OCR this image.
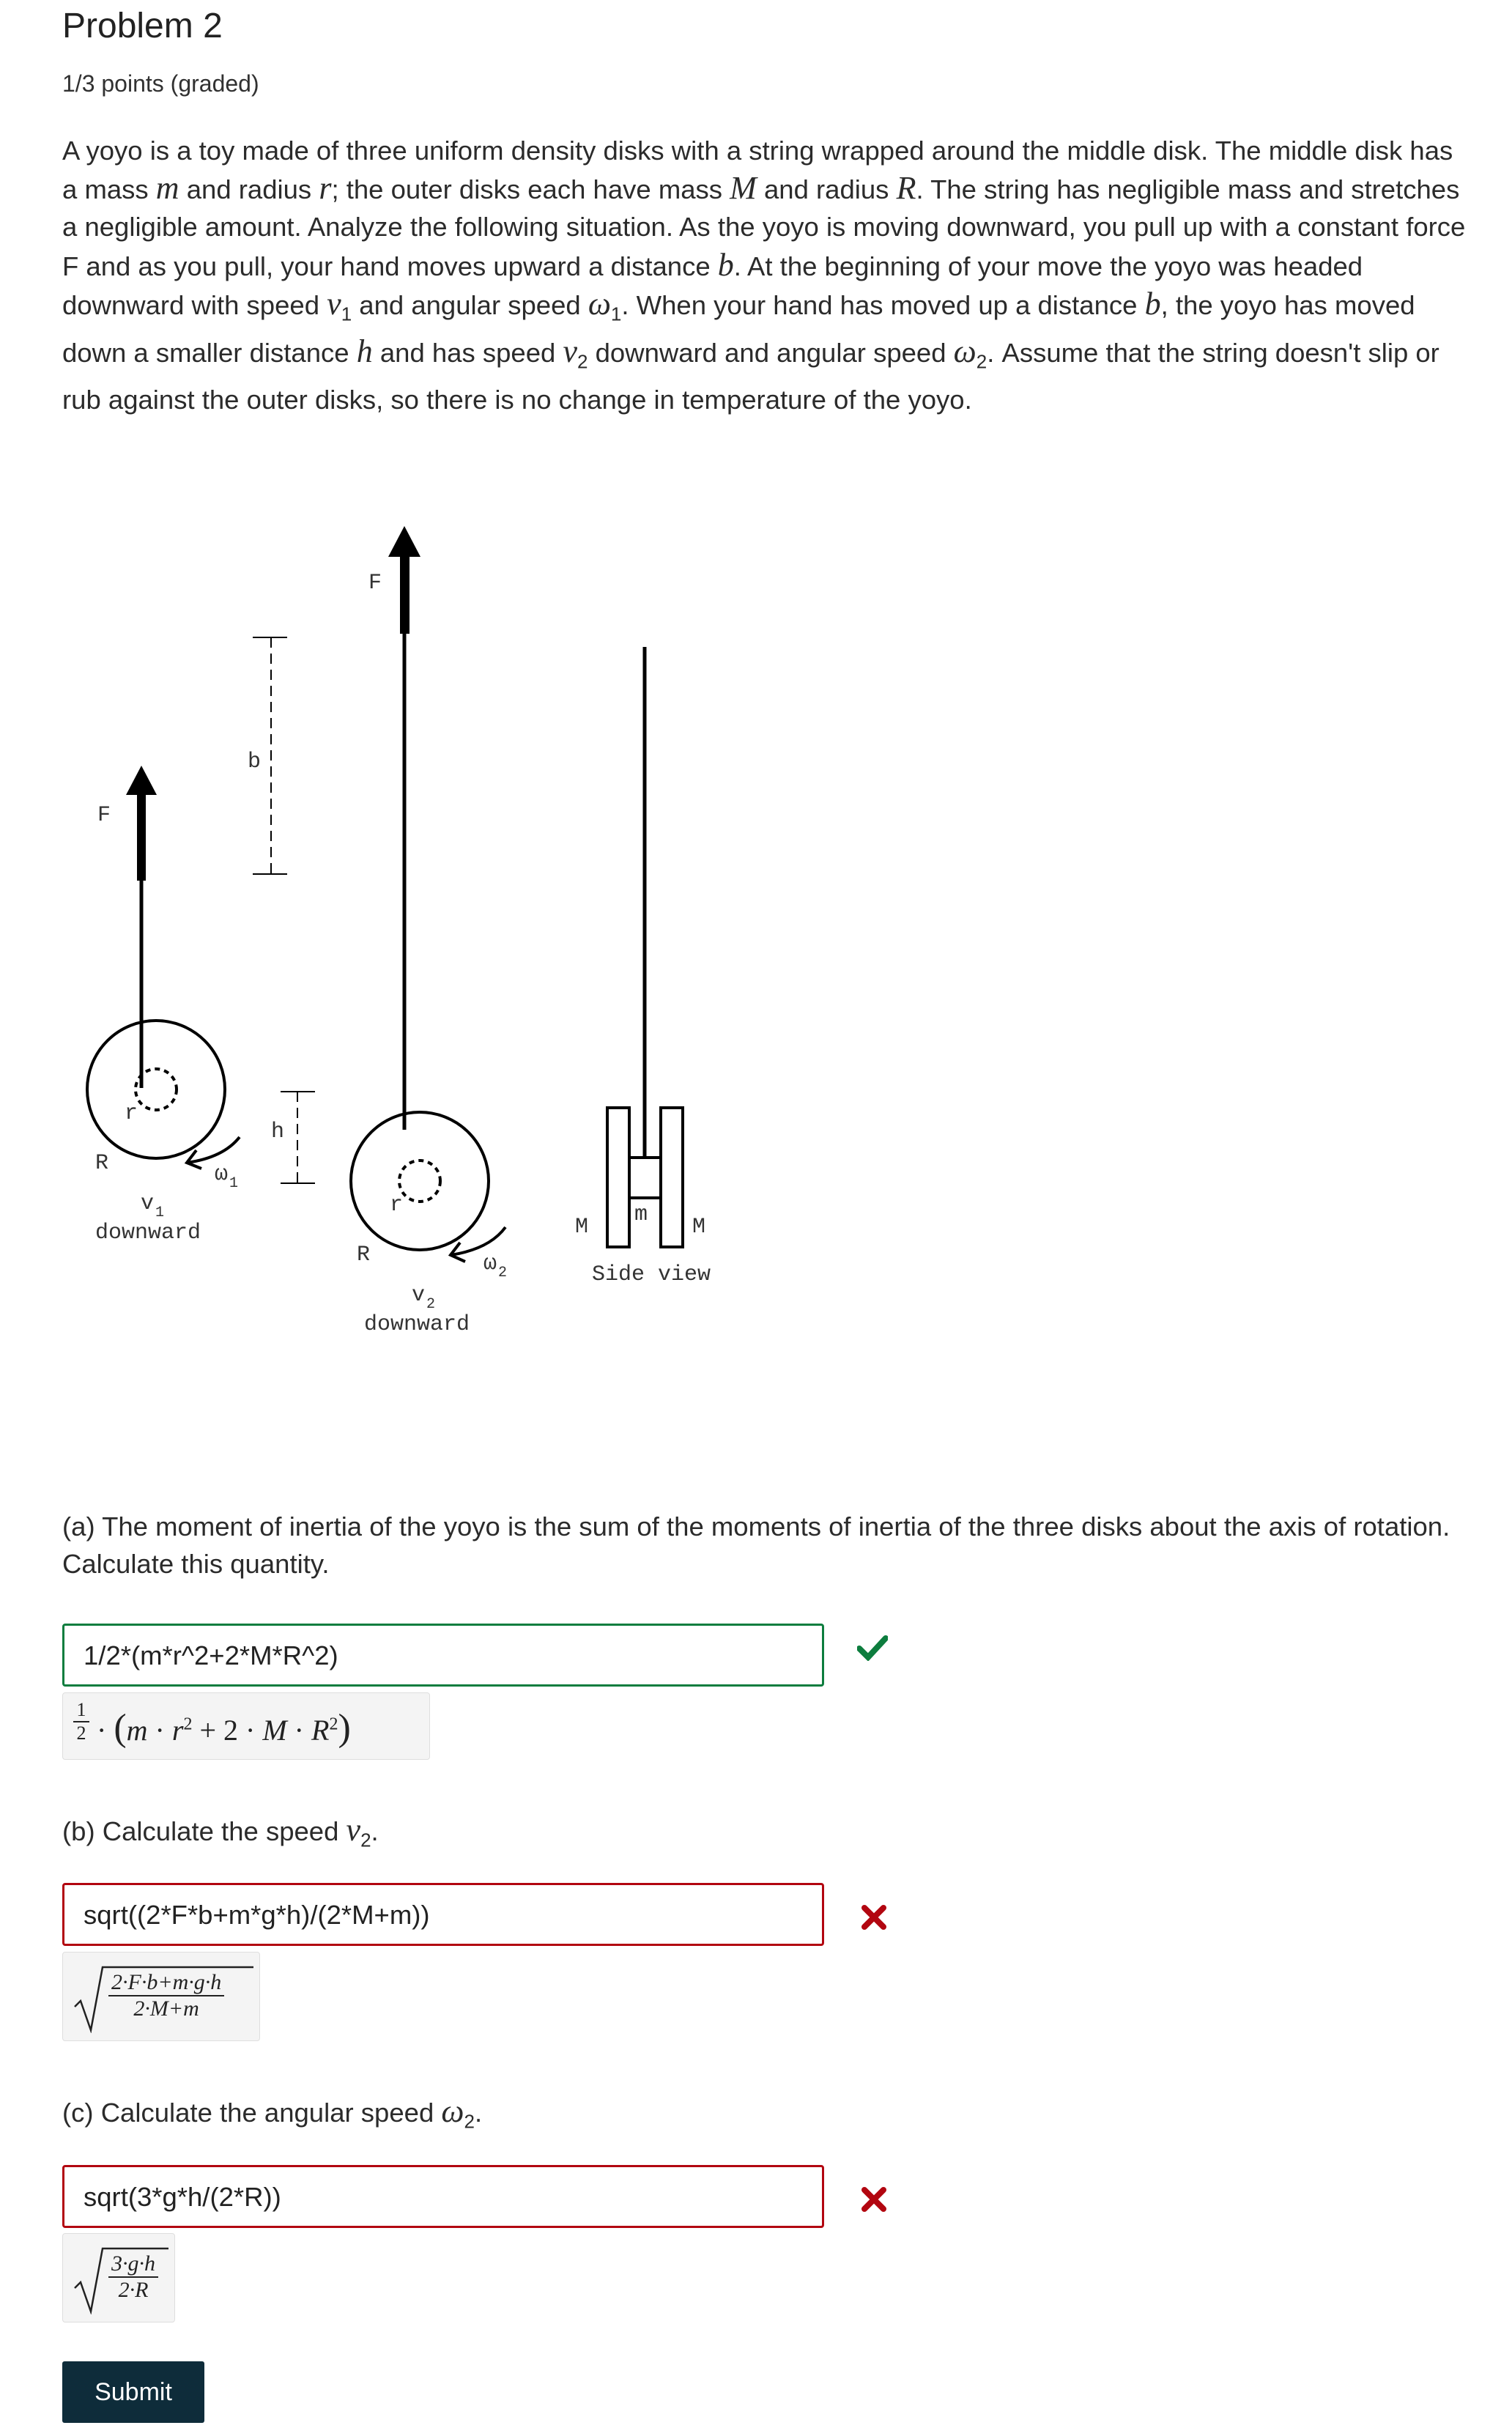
Problem 2
1/3 points (graded)
A yoyo is a toy made of three uniform density disks with a string wrapped around the middle disk. The middle disk has a mass m and radius r; the outer disks each have mass M and radius R. The string has negligible mass and stretches a negligible amount. Analyze the following situation. As the yoyo is moving downward, you pull up with a constant force F and as you pull, your hand moves upward a distance b. At the beginning of your move the yoyo was headed downward with speed $v_1$ and angular speed $\omega_1$. When your hand has moved up a distance b, the yoyo has moved down a smaller distance h and has speed $v_2$ downward and angular speed $\omega_2$. Assume that the string doesn't slip or rub against the outer disks, so there is no change in temperature of the yoyo.
F
F
b
h
r
R
r
R
M	M
m
Side view
ω 1
ω 2
v 1
downward
v 2
downward
(a) The moment of inertia of the yoyo is the sum of the moments of inertia of the three disks about the axis of rotation. Calculate this quantity.
1/2*(m*r^2+2*M*R^2)
1
$2 \cdot (m \cdot r^2 + 2 \cdot M \cdot R^2)$
(b) Calculate the speed $v_2$.
sqrt((2*F*b+m*g*h)/(2*M+m))
2·F·b+m·g·h
2·M+m
(c) Calculate the angular speed $\omega_2$.
sqrt(3*g*h/(2*R))
3·g·h
2·R
Submit
